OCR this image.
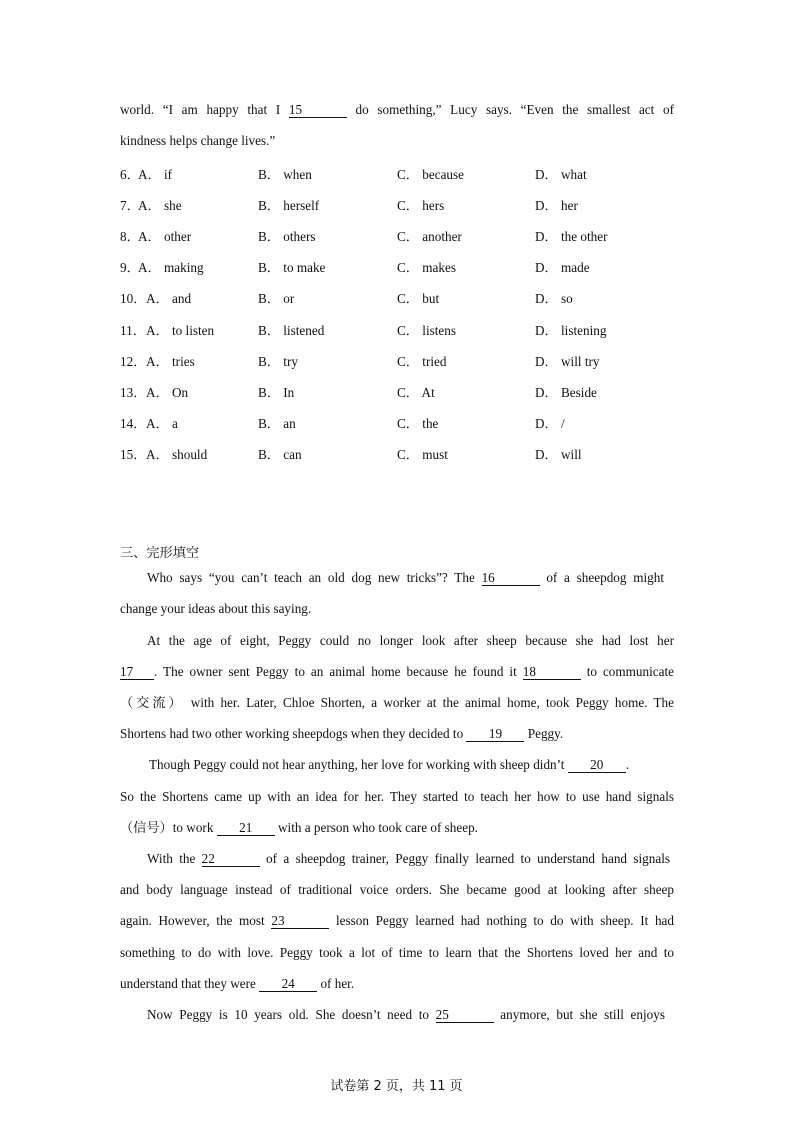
world. “I am happy that I 15	do something,” Lucy says. “Even the smallest act of
kindness helps change lives.”
6．
A． if	B． when	C． because	D． what
7．
A． she	B． herself	C． hers	D． her
8．
A． other	B． others	C． another	D． the other
9．
A． making	B． to make	C． makes	D． made
10． A． and	B． or	C． but	D． so
11． A． to listen	B． listened	C． listens	D． listening
12． A． tries	B． try	C． tried	D． will try
13． A． On	B． In	C． At	D． Beside
14． A． a	B． an	C． the	D． /
15． A． should	B． can	C． must	D． will
三、完形填空
Who says “you can’t teach an old dog new tricks”? The 16	of a sheepdog might
change your ideas about this saying.
At the age of eight, Peggy could no longer look after sheep because she had lost her
17 . The owner sent Peggy to an animal home because he found it 18	to communicate
（交流） with her. Later, Chloe Shorten, a worker at the animal home, took Peggy home. The
Shortens had two other working sheepdogs when they decided to 19 Peggy.
Though Peggy could not hear anything, her love for working with sheep didn’t 20 .
So the Shortens came up with an idea for her. They started to teach her how to use hand signals
（信号）to work 21 with a person who took care of sheep.
With the 22	of a sheepdog trainer, Peggy finally learned to understand hand signals
and body language instead of traditional voice orders. She became good at looking after sheep
again. However, the most 23	lesson Peggy learned had nothing to do with sheep. It had
something to do with love. Peggy took a lot of time to learn that the Shortens loved her and to
understand that they were 24 of her.
Now Peggy is 10 years old. She doesn’t need to 25	anymore, but she still enjoys
试卷第 2 页，共 11 页
